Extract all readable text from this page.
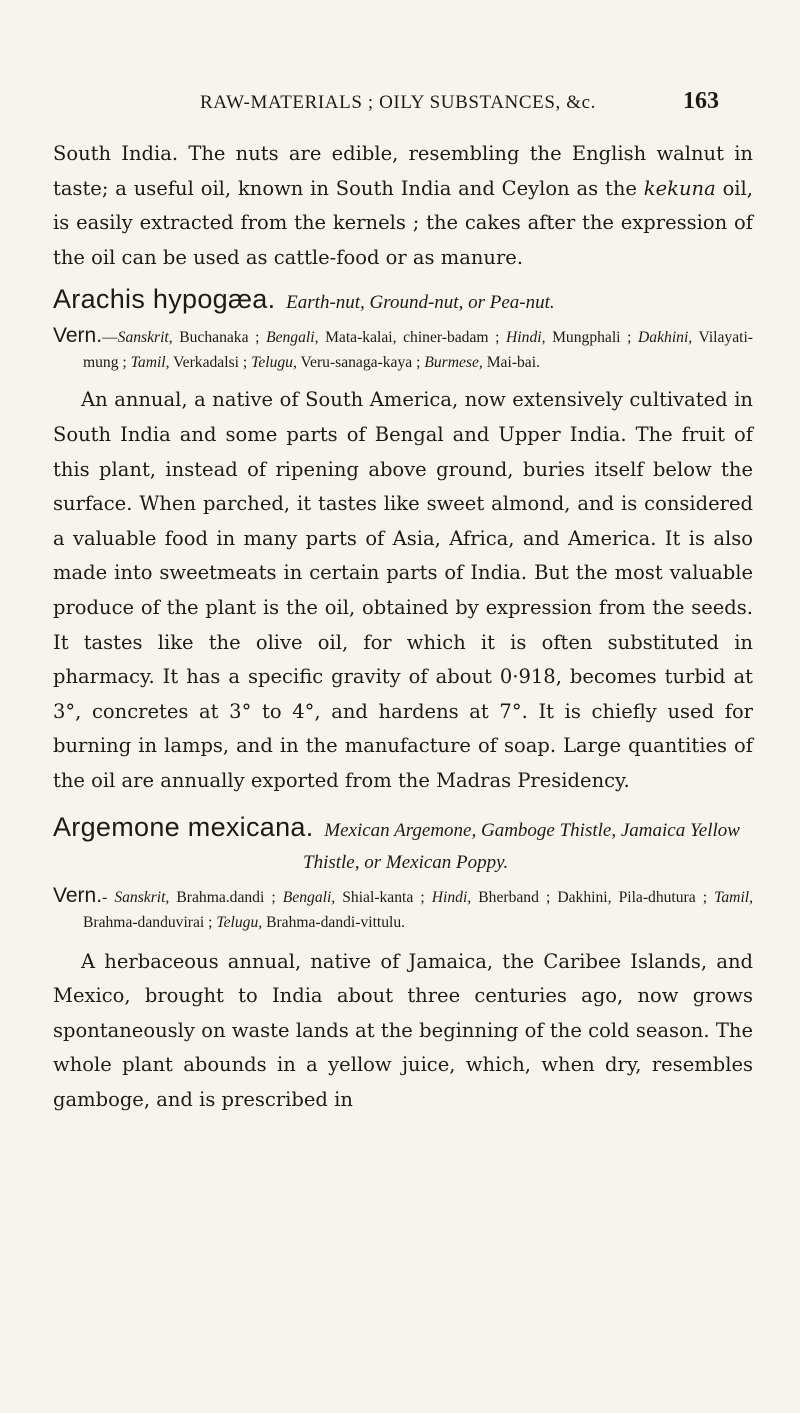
RAW-MATERIALS ; OILY SUBSTANCES, &c.	163

South India. The nuts are edible, resembling the English walnut in taste; a useful oil, known in South India and Ceylon as the kekuna oil, is easily extracted from the kernels ; the cakes after the expression of the oil can be used as cattle-food or as manure.

Arachis hypogæa. Earth-nut, Ground-nut, or Pea-nut.

Vern.—Sanskrit, Buchanaka ; Bengali, Mata-kalai, chiner-badam ; Hindi, Mungphali ; Dakhini, Vilayati-mung ; Tamil, Verkadalsi ; Telugu, Veru-sanaga-kaya ; Burmese, Mai-bai.

An annual, a native of South America, now extensively cultivated in South India and some parts of Bengal and Upper India. The fruit of this plant, instead of ripening above ground, buries itself below the surface. When parched, it tastes like sweet almond, and is considered a valuable food in many parts of Asia, Africa, and America. It is also made into sweetmeats in certain parts of India. But the most valuable produce of the plant is the oil, obtained by expression from the seeds. It tastes like the olive oil, for which it is often substituted in pharmacy. It has a specific gravity of about 0·918, becomes turbid at 3°, concretes at 3° to 4°, and hardens at 7°. It is chiefly used for burning in lamps, and in the manufacture of soap. Large quantities of the oil are annually exported from the Madras Presidency.

Argemone mexicana. Mexican Argemone, Gamboge Thistle, Jamaica Yellow Thistle, or Mexican Poppy.

Vern.- Sanskrit, Brahma.dandi ; Bengali, Shial-kanta ; Hindi, Bherband ; Dakhini, Pila-dhutura ; Tamil, Brahma-danduvirai ; Telugu, Brahma-dandi-vittulu.

A herbaceous annual, native of Jamaica, the Caribee Islands, and Mexico, brought to India about three centuries ago, now grows spontaneously on waste lands at the beginning of the cold season. The whole plant abounds in a yellow juice, which, when dry, resembles gamboge, and is prescribed in
